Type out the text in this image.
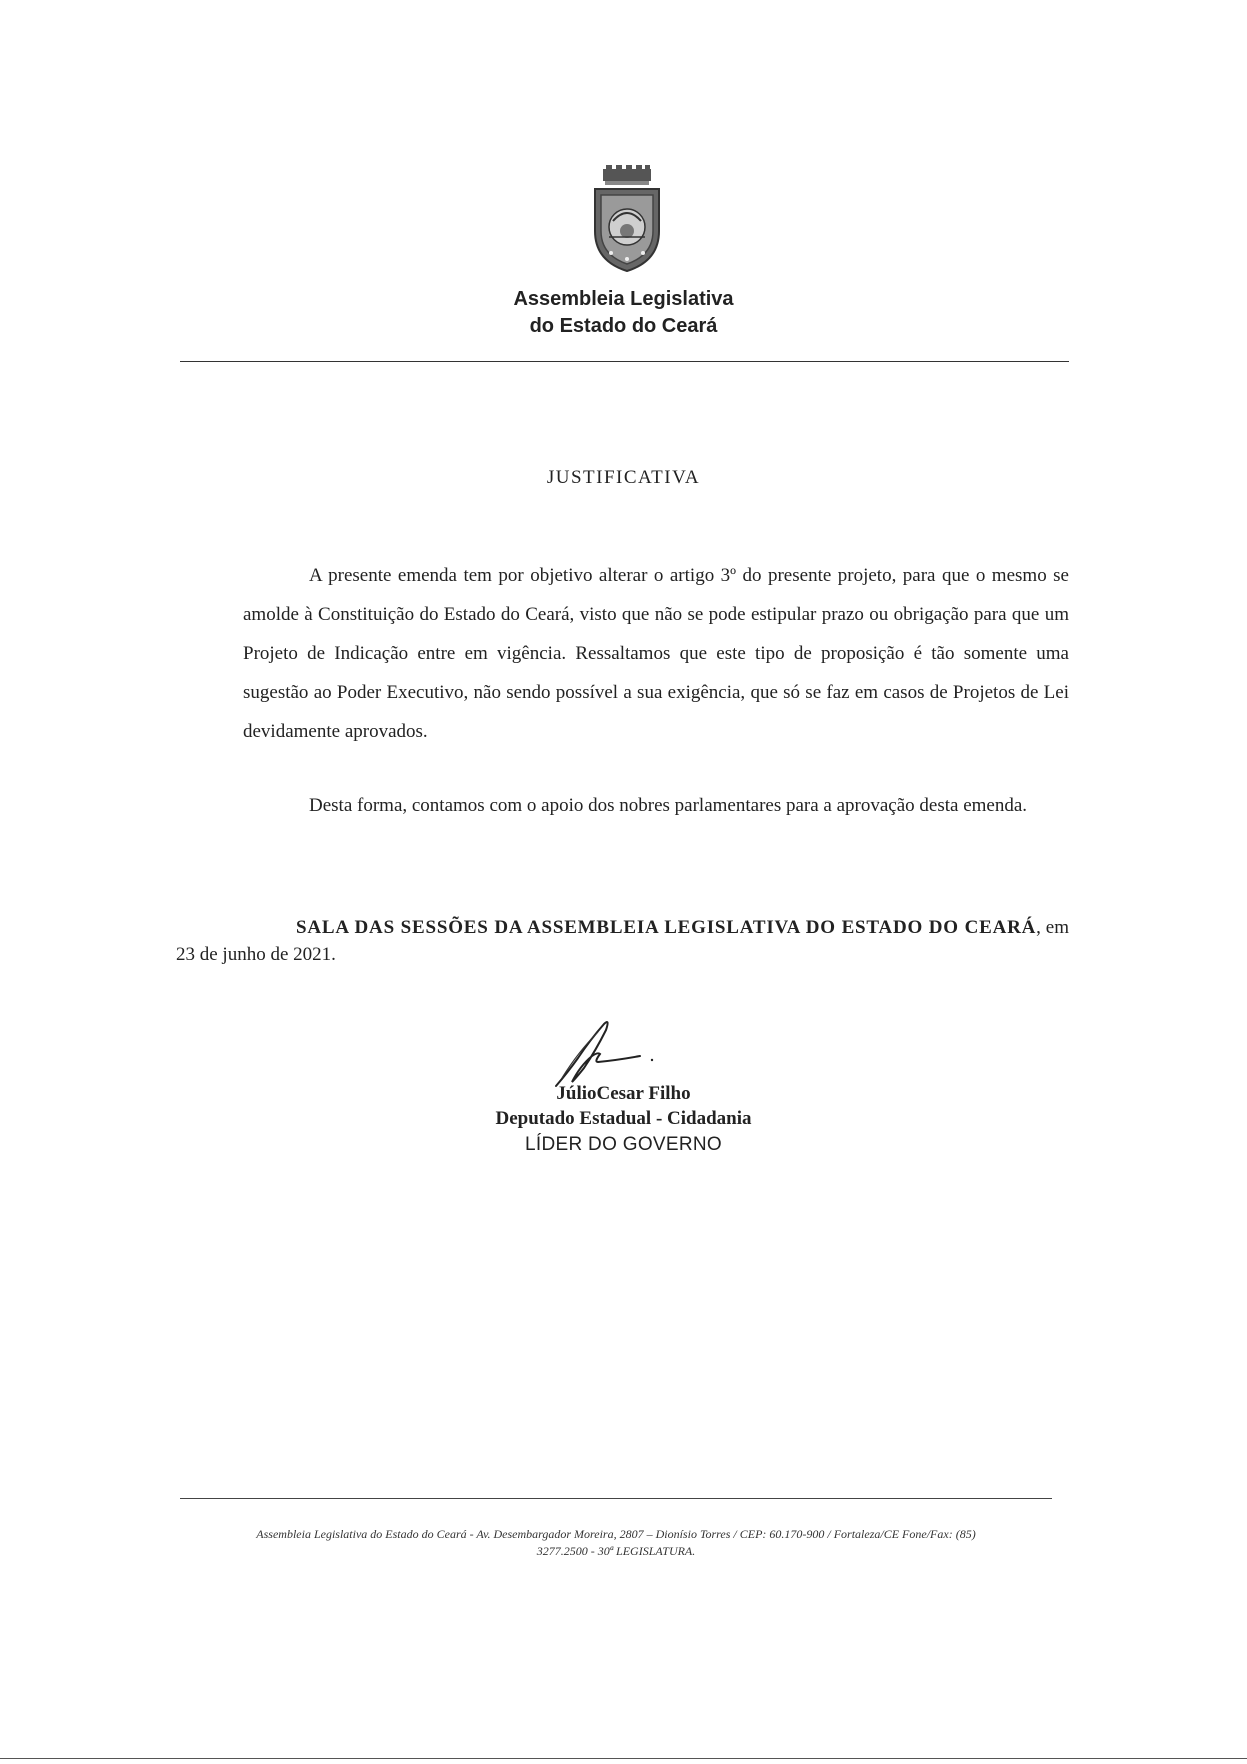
Assembleia Legislativa
do Estado do Ceará
JUSTIFICATIVA

A presente emenda tem por objetivo alterar o artigo 3º do presente projeto, para que o mesmo se amolde à Constituição do Estado do Ceará, visto que não se pode estipular prazo ou obrigação para que um Projeto de Indicação entre em vigência. Ressaltamos que este tipo de proposição é tão somente uma sugestão ao Poder Executivo, não sendo possível a sua exigência, que só se faz em casos de Projetos de Lei devidamente aprovados.

Desta forma, contamos com o apoio dos nobres parlamentares para a aprovação desta emenda.

SALA DAS SESSÕES DA ASSEMBLEIA LEGISLATIVA DO ESTADO DO CEARÁ, em 23 de junho de 2021.

JúlioCesar Filho
Deputado Estadual - Cidadania
LÍDER DO GOVERNO
Assembleia Legislativa do Estado do Ceará - Av. Desembargador Moreira, 2807 – Dionísio Torres / CEP: 60.170-900 / Fortaleza/CE Fone/Fax: (85)
3277.2500 - 30ª LEGISLATURA.
